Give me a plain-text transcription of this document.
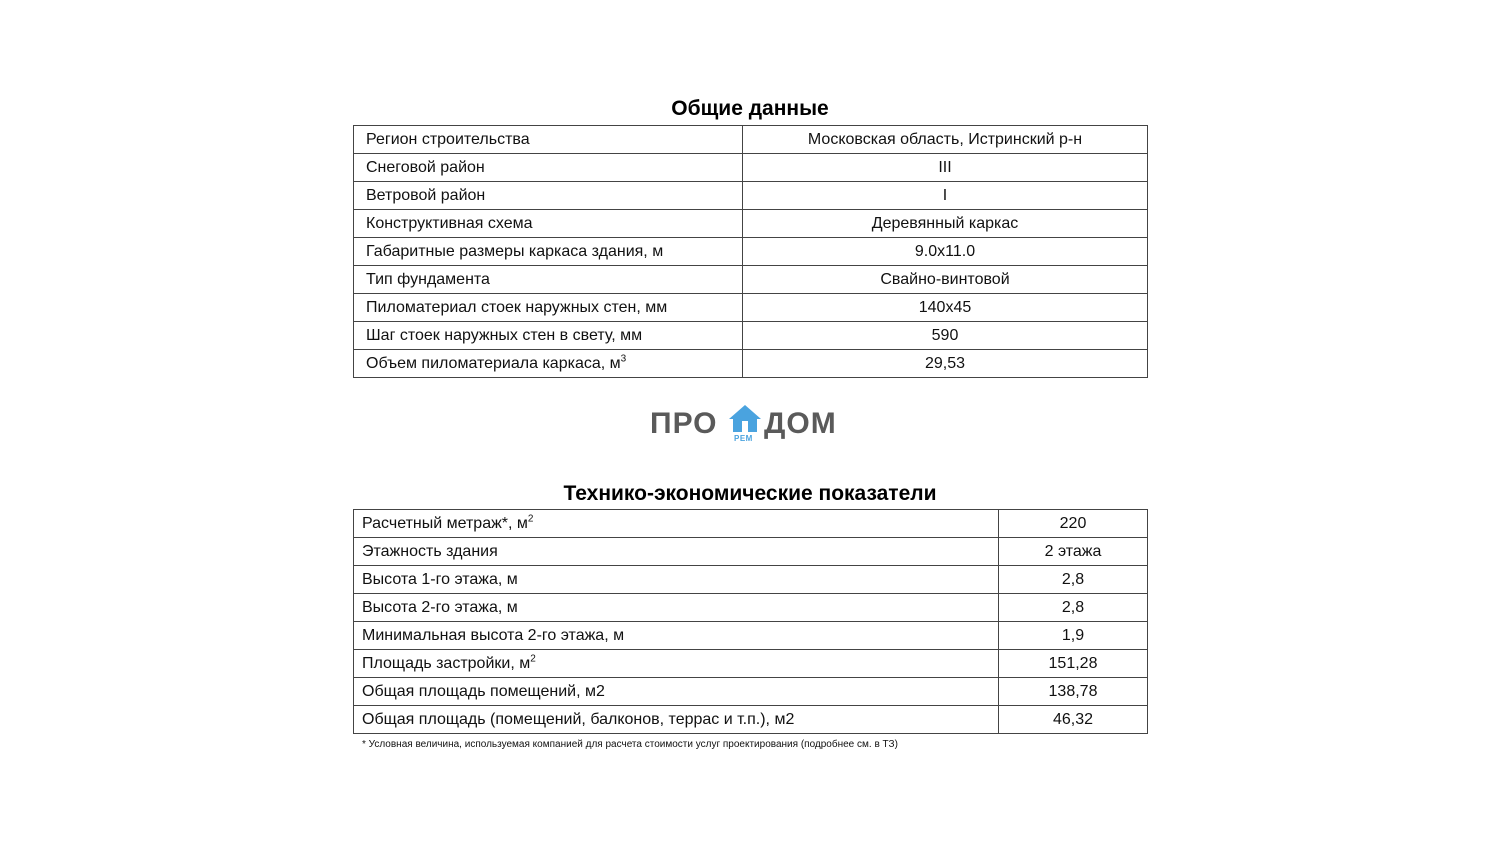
Общие данные
Регион строительства	Московская область, Истринский р-н
Снеговой район	III
Ветровой район	I
Конструктивная схема	Деревянный каркас
Габаритные размеры каркаса здания, м	9.0x11.0
Тип фундамента	Свайно-винтовой
Пиломатериал стоек наружных стен, мм	140x45
Шаг стоек наружных стен в свету, мм	590
Объем пиломатериала каркаса, $м^3$	29,53
ПРО РЕМ ДОМ
Технико-экономические показатели
Расчетный метраж*, $м^2$	220
Этажность здания	2 этажа
Высота 1-го этажа, м	2,8
Высота 2-го этажа, м	2,8
Минимальная высота 2-го этажа, м	1,9
Площадь застройки, $м^2$	151,28
Общая площадь помещений, м2	138,78
Общая площадь (помещений, балконов, террас и т.п.), м2	46,32
* Условная величина, используемая компанией для расчета стоимости услуг проектирования (подробнее см. в ТЗ)
